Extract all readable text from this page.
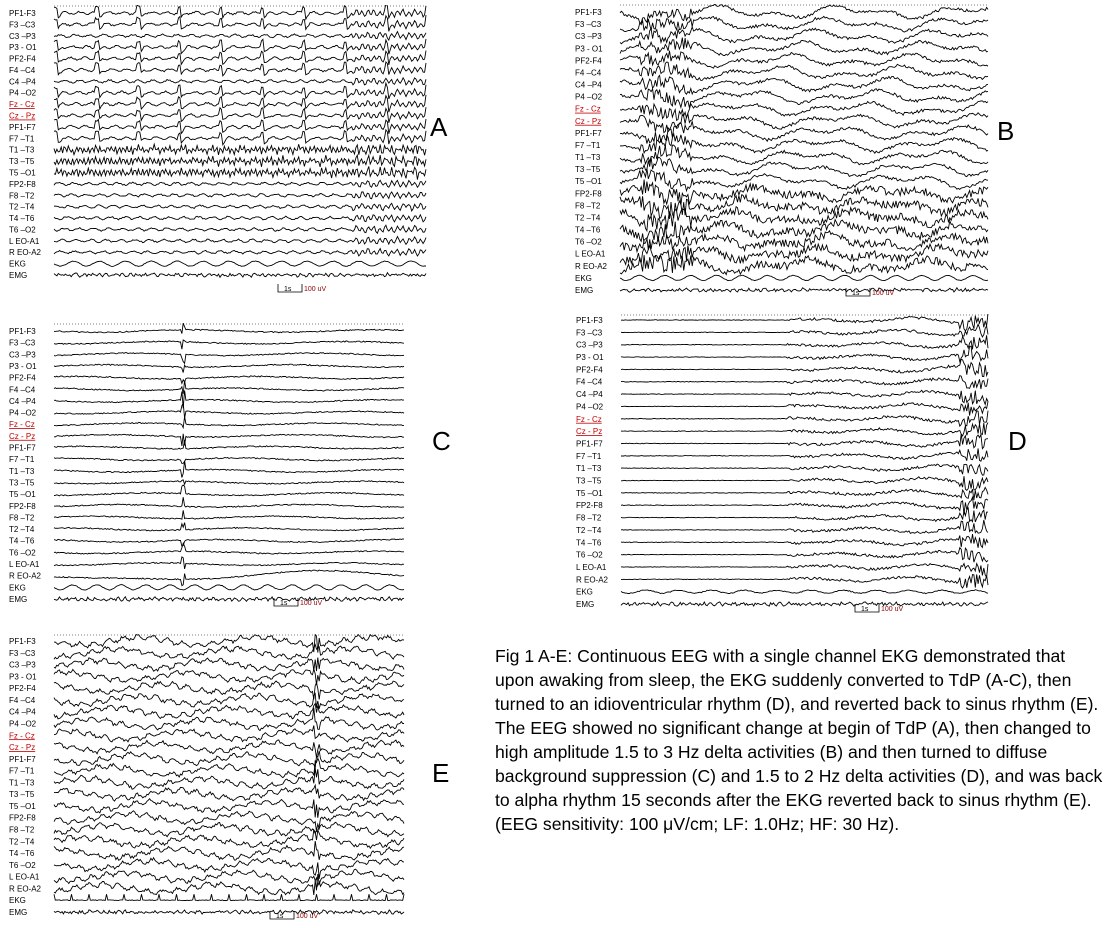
PF1-F3
F3 –C3
C3 –P3
P3 - O1
PF2-F4
F4 –C4
C4 –P4
P4 –O2
Fz - Cz
Cz - Pz
PF1-F7
F7 –T1
T1 –T3
T3 –T5
T5 –O1
FP2-F8
F8 –T2
T2 –T4
T4 –T6
T6 –O2
L EO-A1
R EO-A2
EKG
EMG
1s 100 uV
PF1-F3
F3 –C3
C3 –P3
P3 - O1
PF2-F4
F4 –C4
C4 –P4
P4 –O2
Fz - Cz
Cz - Pz
PF1-F7
F7 –T1
T1 –T3
T3 –T5
T5 –O1
FP2-F8
F8 –T2
T2 –T4
T4 –T6
T6 –O2
L EO-A1
R EO-A2
EKG
EMG	1s 100 uV
PF1-F3
F3 –C3
C3 –P3
P3 - O1
PF2-F4
F4 –C4
C4 –P4
P4 –O2
Fz - Cz
Cz - Pz
PF1-F7
F7 –T1
T1 –T3
T3 –T5
T5 –O1
FP2-F8
F8 –T2
T2 –T4
T4 –T6
T6 –O2
L EO-A1
R EO-A2
EKG
EMG	1s 100 uV
PF1-F3
F3 –C3
C3 –P3
P3 - O1
PF2-F4
F4 –C4
C4 –P4
P4 –O2
Fz - Cz
Cz - Pz
PF1-F7
F7 –T1
T1 –T3
T3 –T5
T5 –O1
FP2-F8
F8 –T2
T2 –T4
T4 –T6
T6 –O2
L EO-A1
R EO-A2
EKG
EMG
1s 100 uV
PF1-F3
F3 –C3
C3 –P3
P3 - O1
PF2-F4
F4 –C4
C4 –P4
P4 –O2
Fz - Cz
Cz - Pz
PF1-F7
F7 –T1
T1 –T3
T3 –T5
T5 –O1
FP2-F8
F8 –T2
T2 –T4
T4 –T6
T6 –O2
L EO-A1
R EO-A2
EKG
EMG	1s 100 uV
A	B
C	D
E
Fig 1 A-E: Continuous EEG with a single channel EKG demonstrated that upon awaking from sleep, the EKG suddenly converted to TdP (A-C), then turned to an idioventricular rhythm (D), and reverted back to sinus rhythm (E). The EEG showed no significant change at begin of TdP (A), then changed to high amplitude 1.5 to 3 Hz delta activities (B) and then turned to diffuse background suppression (C) and 1.5 to 2 Hz delta activities (D), and was back to alpha rhythm 15 seconds after the EKG reverted back to sinus rhythm (E). (EEG sensitivity: 100 μV/cm; LF: 1.0Hz; HF: 30 Hz).
